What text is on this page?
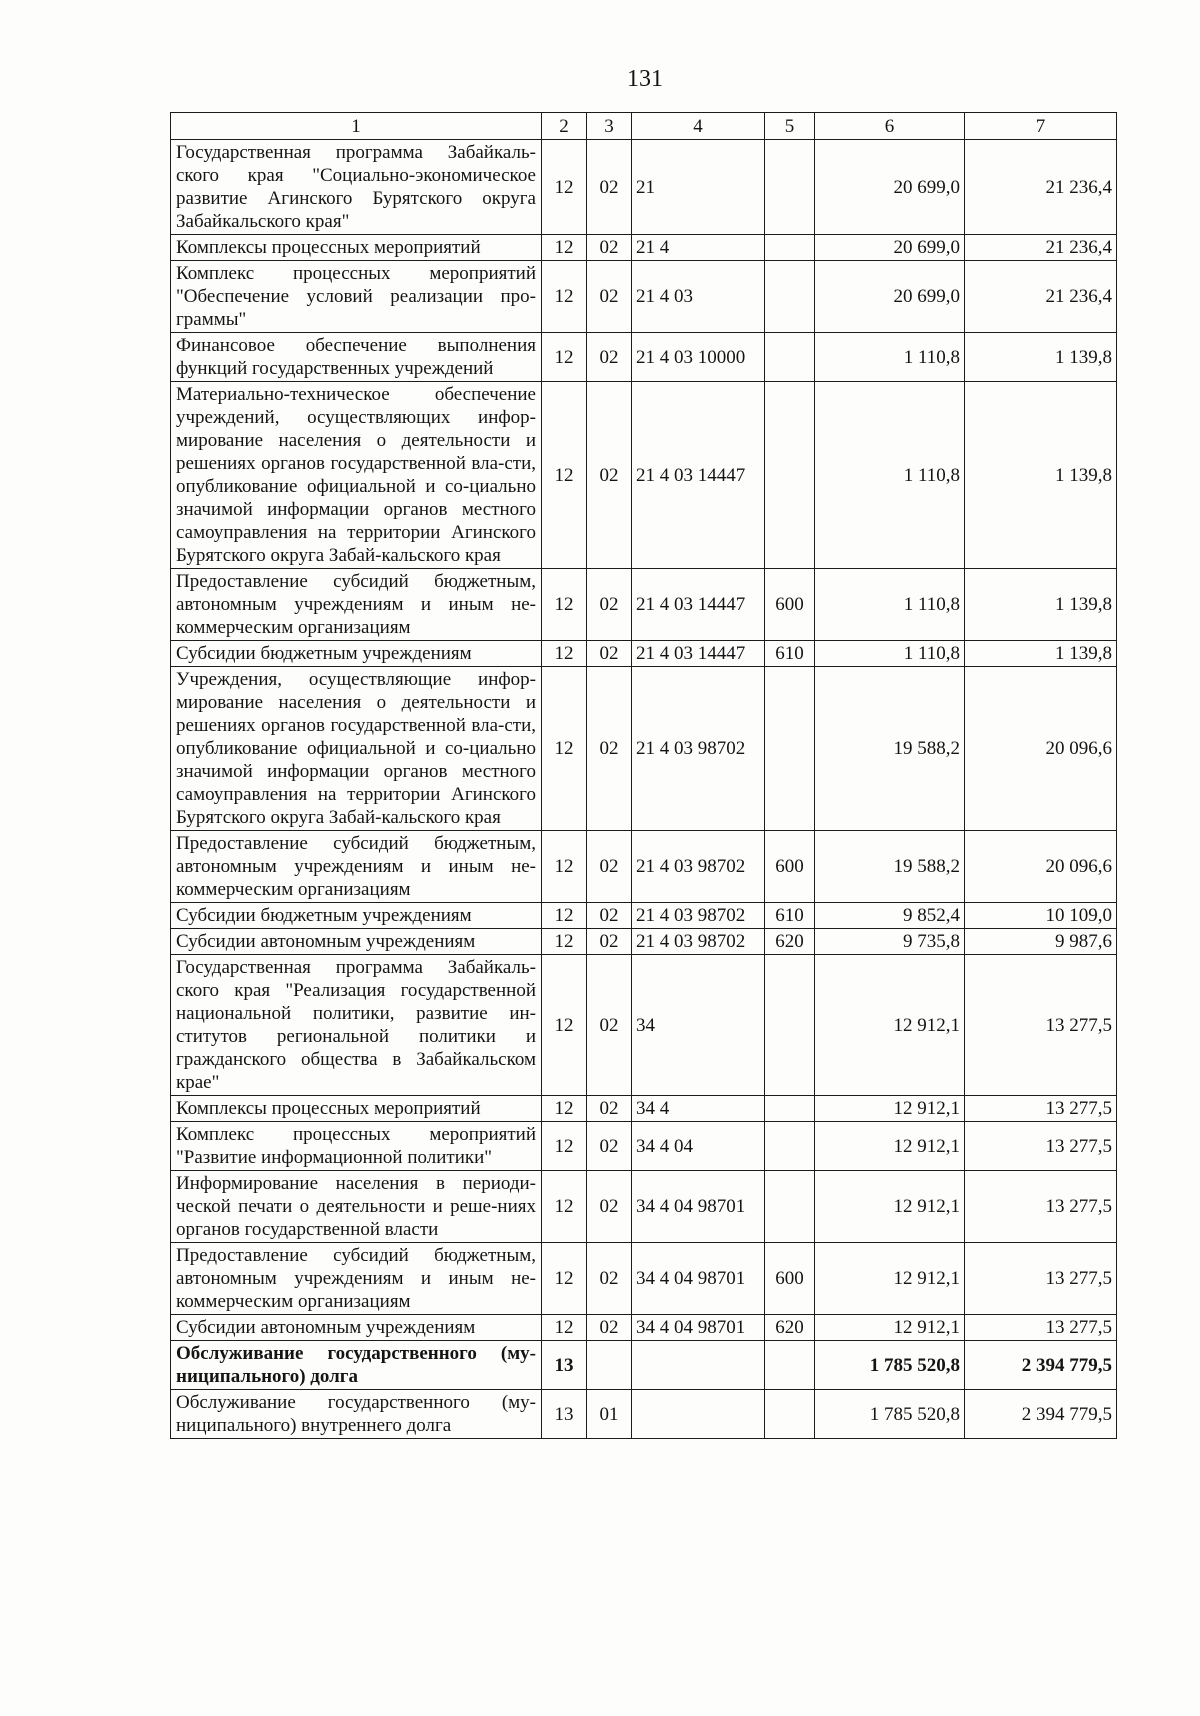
131
1	2	3	4	5	6	7
Государственная программа Забайкаль-ского края "Социально-экономическое развитие Агинского Бурятского округа Забайкальского края"	12	02	21		20 699,0	21 236,4
Комплексы процессных мероприятий	12	02	21 4		20 699,0	21 236,4
Комплекс процессных мероприятий "Обеспечение условий реализации про-граммы"	12	02	21 4 03		20 699,0	21 236,4
Финансовое обеспечение выполнения функций государственных учреждений	12	02	21 4 03 10000		1 110,8	1 139,8
Материально-техническое обеспечение учреждений, осуществляющих инфор-мирование населения о деятельности и решениях органов государственной вла-сти, опубликование официальной и со-циально значимой информации органов местного самоуправления на территории Агинского Бурятского округа Забай-кальского края	12	02	21 4 03 14447		1 110,8	1 139,8
Предоставление субсидий бюджетным, автономным учреждениям и иным не-коммерческим организациям	12	02	21 4 03 14447	600	1 110,8	1 139,8
Субсидии бюджетным учреждениям	12	02	21 4 03 14447	610	1 110,8	1 139,8
Учреждения, осуществляющие инфор-мирование населения о деятельности и решениях органов государственной вла-сти, опубликование официальной и со-циально значимой информации органов местного самоуправления на территории Агинского Бурятского округа Забай-кальского края	12	02	21 4 03 98702		19 588,2	20 096,6
Предоставление субсидий бюджетным, автономным учреждениям и иным не-коммерческим организациям	12	02	21 4 03 98702	600	19 588,2	20 096,6
Субсидии бюджетным учреждениям	12	02	21 4 03 98702	610	9 852,4	10 109,0
Субсидии автономным учреждениям	12	02	21 4 03 98702	620	9 735,8	9 987,6
Государственная программа Забайкаль-ского края "Реализация государственной национальной политики, развитие ин-ститутов региональной политики и гражданского общества в Забайкальском крае"	12	02	34		12 912,1	13 277,5
Комплексы процессных мероприятий	12	02	34 4		12 912,1	13 277,5
Комплекс процессных мероприятий "Развитие информационной политики"	12	02	34 4 04		12 912,1	13 277,5
Информирование населения в периоди-ческой печати о деятельности и реше-ниях органов государственной власти	12	02	34 4 04 98701		12 912,1	13 277,5
Предоставление субсидий бюджетным, автономным учреждениям и иным не-коммерческим организациям	12	02	34 4 04 98701	600	12 912,1	13 277,5
Субсидии автономным учреждениям	12	02	34 4 04 98701	620	12 912,1	13 277,5
Обслуживание государственного (му-ниципального) долга	13				1 785 520,8	2 394 779,5
Обслуживание государственного (му-ниципального) внутреннего долга	13	01			1 785 520,8	2 394 779,5
